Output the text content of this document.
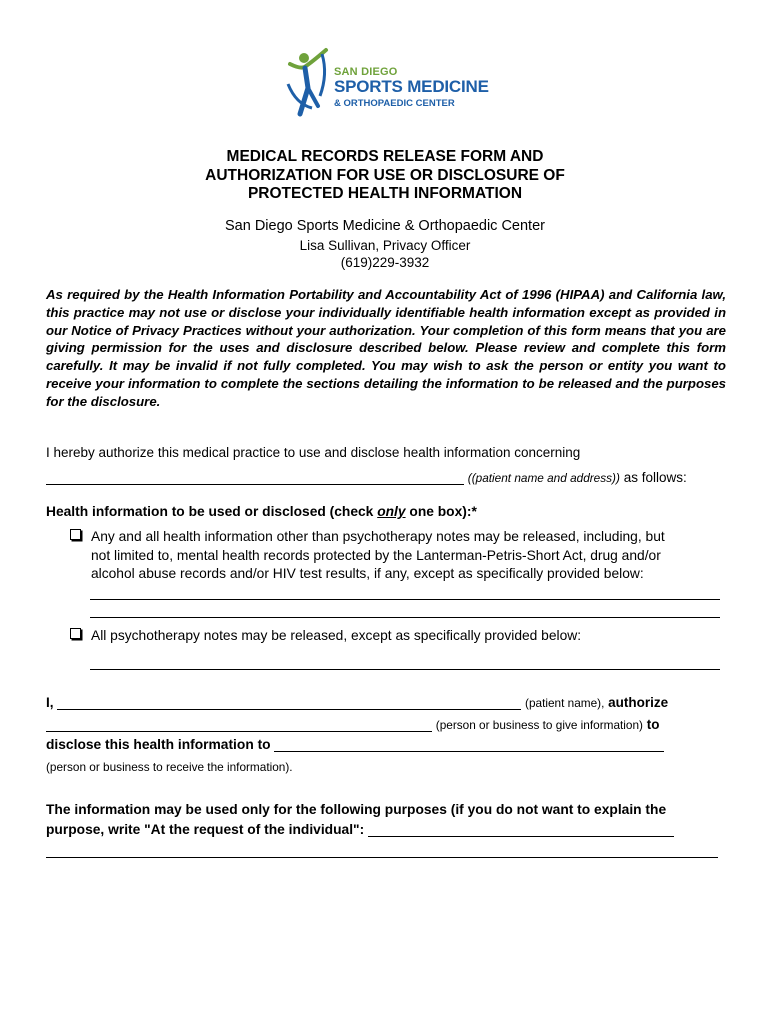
SAN DIEGO
SPORTS MEDICINE
& ORTHOPAEDIC CENTER
MEDICAL RECORDS RELEASE FORM AND
AUTHORIZATION FOR USE OR DISCLOSURE OF
PROTECTED HEALTH INFORMATION
San Diego Sports Medicine & Orthopaedic Center
Lisa Sullivan, Privacy Officer
(619)229-3932
As required by the Health Information Portability and Accountability Act of 1996 (HIPAA) and California law, this practice may not use or disclose your individually identifiable health information except as provided in our Notice of Privacy Practices without your authorization. Your completion of this form means that you are giving permission for the uses and disclosure described below. Please review and complete this form carefully. It may be invalid if not fully completed. You may wish to ask the person or entity you want to receive your information to complete the sections detailing the information to be released and the purposes for the disclosure.
I hereby authorize this medical practice to use and disclose health information concerning
((patient name and address)) as follows:
Health information to be used or disclosed (check only one box):*
Any and all health information other than psychotherapy notes may be released, including, but
not limited to, mental health records protected by the Lanterman-Petris-Short Act, drug and/or
alcohol abuse records and/or HIV test results, if any, except as specifically provided below:
All psychotherapy notes may be released, except as specifically provided below:
I,	(patient name), authorize
(person or business to give information) to
disclose this health information to
(person or business to receive the information).
The information may be used only for the following purposes (if you do not want to explain the
purpose, write "At the request of the individual":
